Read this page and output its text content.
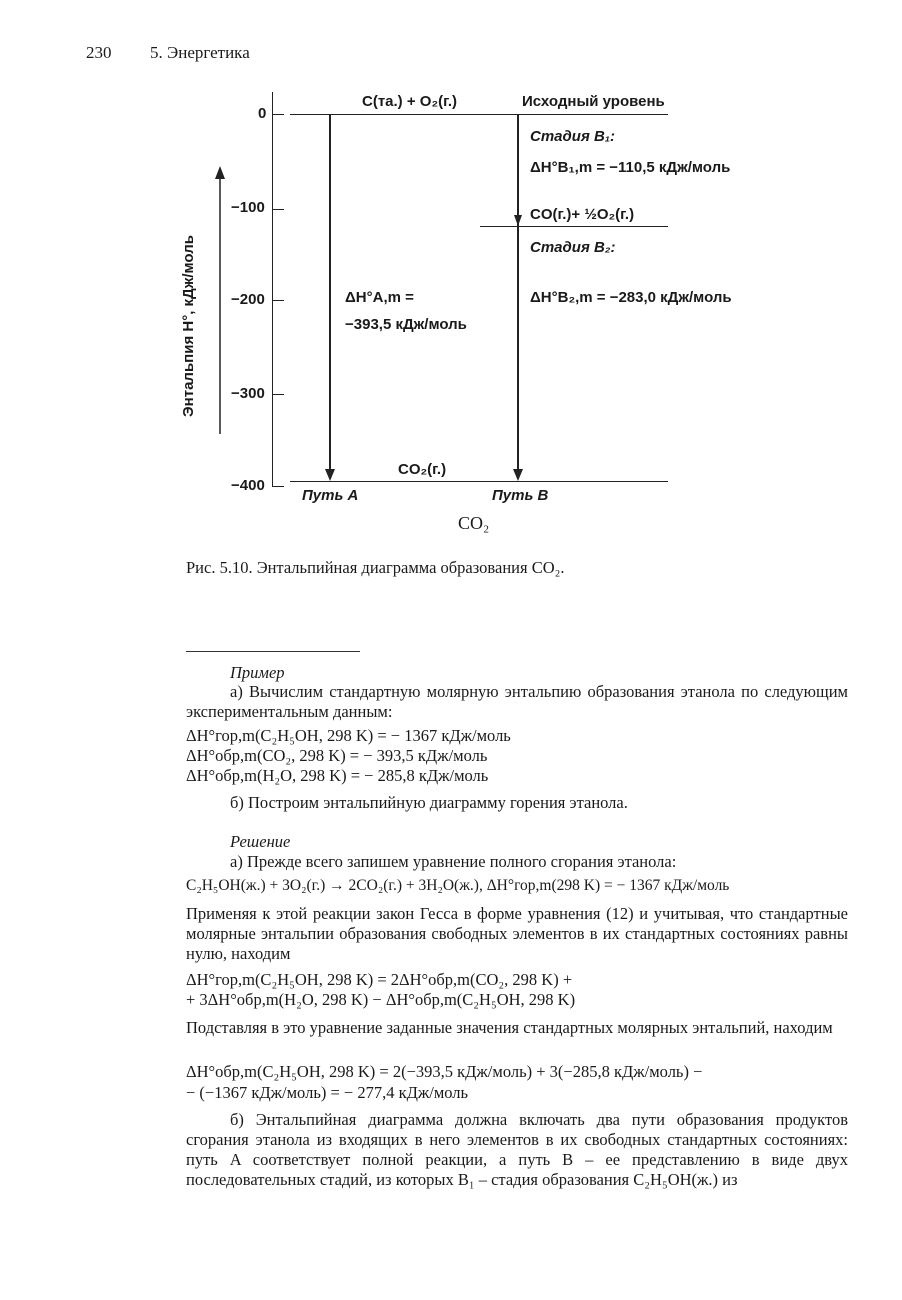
230 5. Энергетика
Энтальпия H°, кДж/моль
0
−100
−200
−300
−400
C(та.) + O₂(г.)	Исходный уровень
Стадия B₁:
ΔH°B₁,m = −110,5 кДж/моль
CO(г.)+ ½O₂(г.)
Стадия B₂:
ΔH°B₂,m = −283,0 кДж/моль
ΔH°A,m =
−393,5 кДж/моль
CO₂(г.)
Путь A	Путь B
CO₂
Рис. 5.10. Энтальпийная диаграмма образования CO₂.
Пример
а) Вычислим стандартную молярную энтальпию образования этанола по следующим экспериментальным данным:
ΔH°гор,m(C₂H₅OH, 298 K) = − 1367 кДж/моль
ΔH°обр,m(CO₂, 298 K) = − 393,5 кДж/моль
ΔH°обр,m(H₂O, 298 K) = − 285,8 кДж/моль
б) Построим энтальпийную диаграмму горения этанола.
Решение
а) Прежде всего запишем уравнение полного сгорания этанола:
C₂H₅OH(ж.) + 3O₂(г.) → 2CO₂(г.) + 3H₂O(ж.), ΔH°гор,m(298 K) = − 1367 кДж/моль
Применяя к этой реакции закон Гесса в форме уравнения (12) и учитывая, что стандартные молярные энтальпии образования свободных элементов в их стандартных состояниях равны нулю, находим
ΔH°гор,m(C₂H₅OH, 298 K) = 2ΔH°обр,m(CO₂, 298 K) +
+ 3ΔH°обр,m(H₂O, 298 K) − ΔH°обр,m(C₂H₅OH, 298 K)
Подставляя в это уравнение заданные значения стандартных молярных энтальпий, находим
ΔH°обр,m(C₂H₅OH, 298 K) = 2(−393,5 кДж/моль) + 3(−285,8 кДж/моль) −
− (−1367 кДж/моль) = − 277,4 кДж/моль
б) Энтальпийная диаграмма должна включать два пути образования продуктов сгорания этанола из входящих в него элементов в их свободных стандартных состояниях: путь A соответствует полной реакции, а путь B – ее представлению в виде двух последовательных стадий, из которых B₁ – стадия образования C₂H₅OH(ж.) из
